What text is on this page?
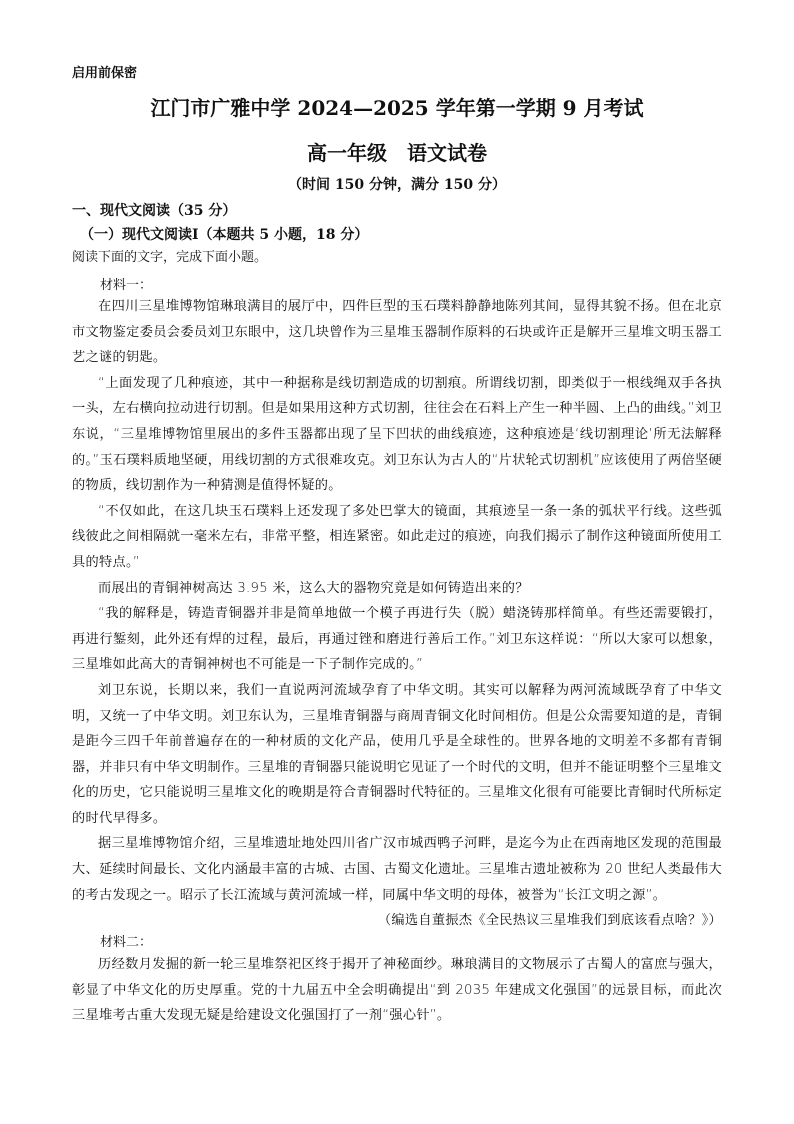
启用前保密
江门市广雅中学 2024—2025 学年第一学期 9 月考试
高一年级　语文试卷
（时间 150 分钟，满分 150 分）
一、现代文阅读（35 分）
（一）现代文阅读Ⅰ（本题共 5 小题，18 分）
阅读下面的文字，完成下面小题。
材料一：

在四川三星堆博物馆琳琅满目的展厅中，四件巨型的玉石璞料静静地陈列其间，显得其貌不扬。但在北京市文物鉴定委员会委员刘卫东眼中，这几块曾作为三星堆玉器制作原料的石块或许正是解开三星堆文明玉器工艺之谜的钥匙。

“上面发现了几种痕迹，其中一种据称是线切割造成的切割痕。所谓线切割，即类似于一根线绳双手各执一头，左右横向拉动进行切割。但是如果用这种方式切割，往往会在石料上产生一种半圆、上凸的曲线。”刘卫东说，“三星堆博物馆里展出的多件玉器都出现了呈下凹状的曲线痕迹，这种痕迹是‘线切割理论’所无法解释的。”玉石璞料质地坚硬，用线切割的方式很难攻克。刘卫东认为古人的“片状轮式切割机”应该使用了两倍坚硬的物质，线切割作为一种猜测是值得怀疑的。

“不仅如此，在这几块玉石璞料上还发现了多处巴掌大的镜面，其痕迹呈一条一条的弧状平行线。这些弧线彼此之间相隔就一毫米左右，非常平整，相连紧密。如此走过的痕迹，向我们揭示了制作这种镜面所使用工具的特点。”

而展出的青铜神树高达 3.95 米，这么大的器物究竟是如何铸造出来的？

“我的解释是，铸造青铜器并非是简单地做一个模子再进行失（脱）蜡浇铸那样简单。有些还需要锻打，再进行錾刻，此外还有焊的过程，最后，再通过锉和磨进行善后工作。”刘卫东这样说：“所以大家可以想象，三星堆如此高大的青铜神树也不可能是一下子制作完成的。”

刘卫东说，长期以来，我们一直说两河流域孕育了中华文明。其实可以解释为两河流域既孕育了中华文明，又统一了中华文明。刘卫东认为，三星堆青铜器与商周青铜文化时间相仿。但是公众需要知道的是，青铜是距今三四千年前普遍存在的一种材质的文化产品，使用几乎是全球性的。世界各地的文明差不多都有青铜器，并非只有中华文明制作。三星堆的青铜器只能说明它见证了一个时代的文明，但并不能证明整个三星堆文化的历史，它只能说明三星堆文化的晚期是符合青铜器时代特征的。三星堆文化很有可能要比青铜时代所标定的时代早得多。

据三星堆博物馆介绍，三星堆遗址地处四川省广汉市城西鸭子河畔，是迄今为止在西南地区发现的范围最大、延续时间最长、文化内涵最丰富的古城、古国、古蜀文化遗址。三星堆古遗址被称为 20 世纪人类最伟大的考古发现之一。昭示了长江流域与黄河流域一样，同属中华文明的母体，被誉为“长江文明之源”。

（编选自董振杰《全民热议三星堆我们到底该看点啥？》）

材料二：

历经数月发掘的新一轮三星堆祭祀区终于揭开了神秘面纱。琳琅满目的文物展示了古蜀人的富庶与强大，彰显了中华文化的历史厚重。党的十九届五中全会明确提出“到 2035 年建成文化强国”的远景目标，而此次三星堆考古重大发现无疑是给建设文化强国打了一剂“强心针”。
